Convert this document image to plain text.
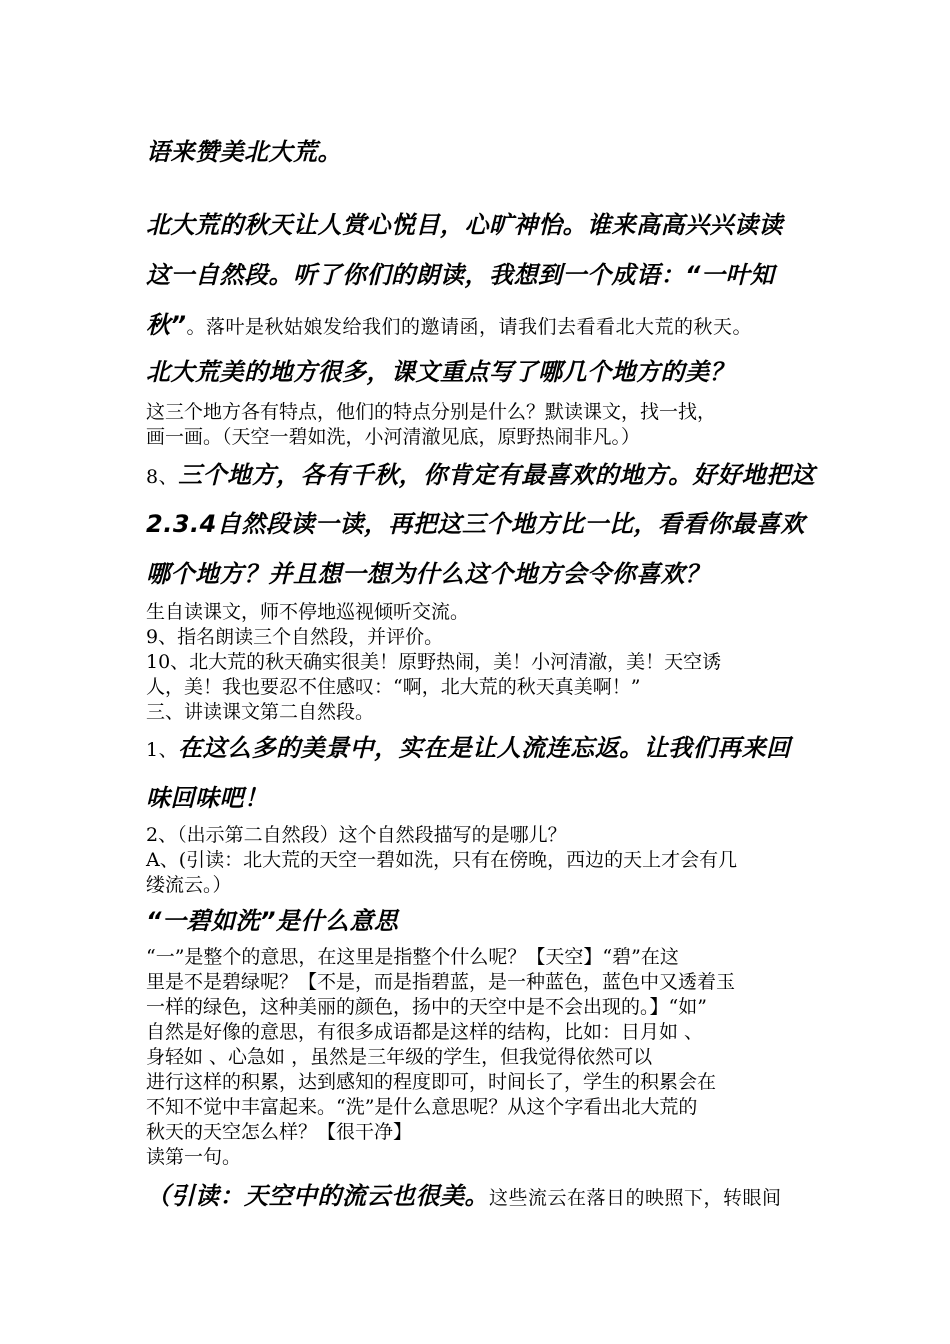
语来赞美北大荒。
北大荒的秋天让人赏心悦目，心旷神怡。谁来高高兴兴读读
这一自然段。听了你们的朗读，我想到一个成语：“一叶知
秋”。落叶是秋姑娘发给我们的邀请函，请我们去看看北大荒的秋天。
北大荒美的地方很多，课文重点写了哪几个地方的美？
这三个地方各有特点，他们的特点分别是什么？默读课文，找一找，
画一画。（天空一碧如洗，小河清澈见底，原野热闹非凡。）
8、三个地方，各有千秋，你肯定有最喜欢的地方。好好地把这
2.3.4自然段读一读，再把这三个地方比一比，看看你最喜欢
哪个地方？并且想一想为什么这个地方会令你喜欢？
生自读课文，师不停地巡视倾听交流。
9、指名朗读三个自然段，并评价。
10、北大荒的秋天确实很美！原野热闹，美！小河清澈，美！天空诱
人，美！我也要忍不住感叹：“啊，北大荒的秋天真美啊！”
三、讲读课文第二自然段。
1、在这么多的美景中，实在是让人流连忘返。让我们再来回
味回味吧！
2、（出示第二自然段）这个自然段描写的是哪儿？
A、(引读：北大荒的天空一碧如洗，只有在傍晚，西边的天上才会有几
缕流云。）
“一碧如洗”是什么意思
“一”是整个的意思，在这里是指整个什么呢？【天空】“碧”在这
里是不是碧绿呢？【不是，而是指碧蓝，是一种蓝色，蓝色中又透着玉
一样的绿色，这种美丽的颜色，扬中的天空中是不会出现的。】“如”
自然是好像的意思，有很多成语都是这样的结构，比如：日月如 、
身轻如 、心急如 ，虽然是三年级的学生，但我觉得依然可以
进行这样的积累，达到感知的程度即可，时间长了，学生的积累会在
不知不觉中丰富起来。“洗”是什么意思呢？从这个字看出北大荒的
秋天的天空怎么样？【很干净】
读第一句。
（引读：天空中的流云也很美。这些流云在落日的映照下，转眼间
